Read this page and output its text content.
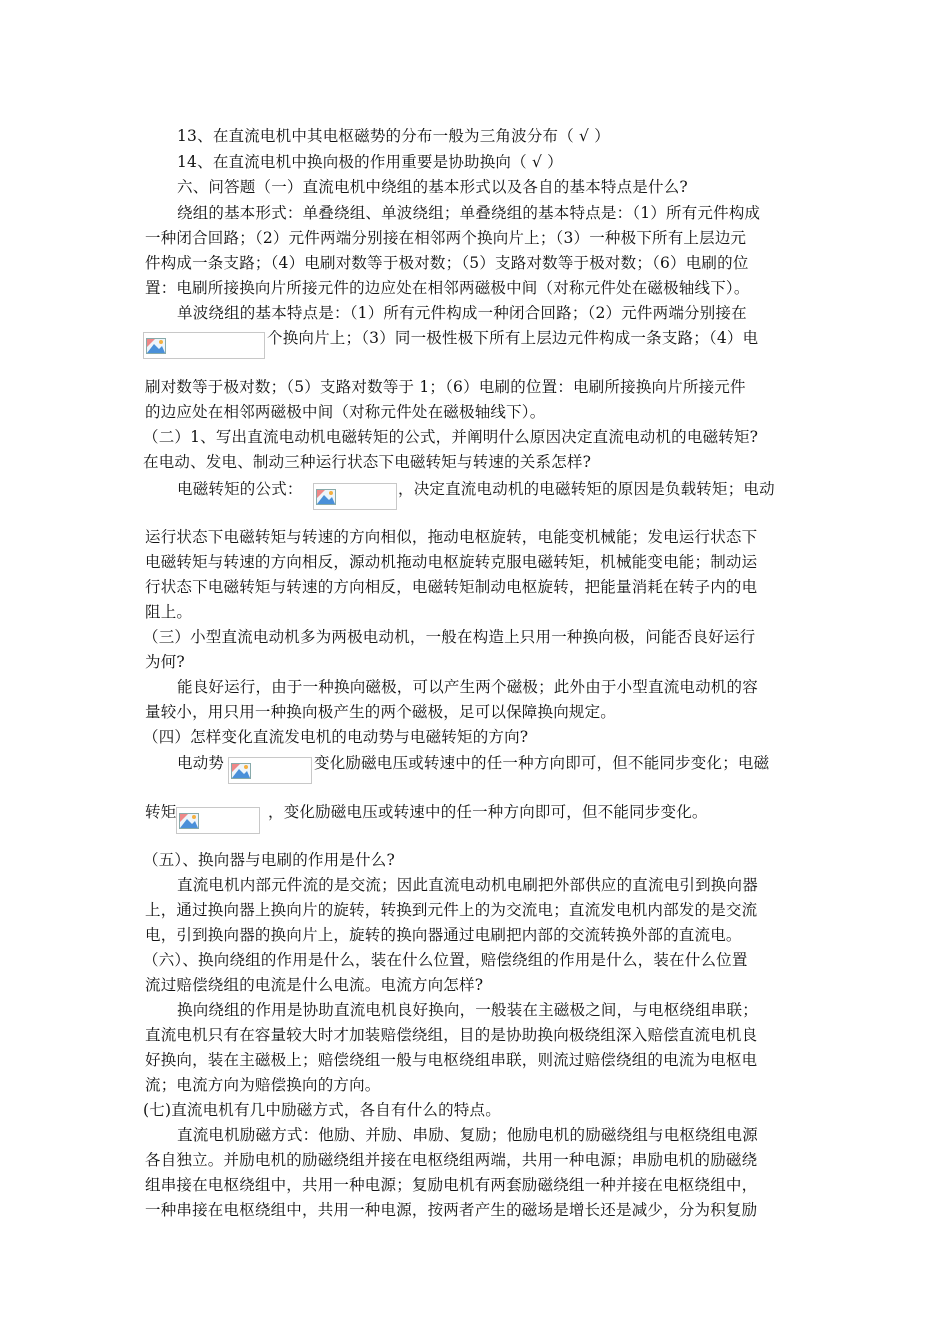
13、在直流电机中其电枢磁势的分布一般为三角波分布（ √ ）
14、在直流电机中换向极的作用重要是协助换向（ √ ）
六、问答题（一）直流电机中绕组的基本形式以及各自的基本特点是什么?
绕组的基本形式：单叠绕组、单波绕组；单叠绕组的基本特点是：（1）所有元件构成
一种闭合回路；（2）元件两端分别接在相邻两个换向片上；（3）一种极下所有上层边元
件构成一条支路；（4）电刷对数等于极对数；（5）支路对数等于极对数；（6）电刷的位
置：电刷所接换向片所接元件的边应处在相邻两磁极中间（对称元件处在磁极轴线下）。
单波绕组的基本特点是：（1）所有元件构成一种闭合回路；（2）元件两端分别接在
个换向片上；（3）同一极性极下所有上层边元件构成一条支路；（4）电
刷对数等于极对数；（5）支路对数等于 1；（6）电刷的位置：电刷所接换向片所接元件
的边应处在相邻两磁极中间（对称元件处在磁极轴线下）。
（二）1、写出直流电动机电磁转矩的公式，并阐明什么原因决定直流电动机的电磁转矩?
在电动、发电、制动三种运行状态下电磁转矩与转速的关系怎样?
电磁转矩的公式：	，决定直流电动机的电磁转矩的原因是负载转矩；电动
运行状态下电磁转矩与转速的方向相似，拖动电枢旋转，电能变机械能；发电运行状态下
电磁转矩与转速的方向相反，源动机拖动电枢旋转克服电磁转矩，机械能变电能；制动运
行状态下电磁转矩与转速的方向相反，电磁转矩制动电枢旋转，把能量消耗在转子内的电
阻上。
（三）小型直流电动机多为两极电动机，一般在构造上只用一种换向极，问能否良好运行
为何?
能良好运行，由于一种换向磁极，可以产生两个磁极；此外由于小型直流电动机的容
量较小，用只用一种换向极产生的两个磁极，足可以保障换向规定。
（四）怎样变化直流发电机的电动势与电磁转矩的方向?
电动势	变化励磁电压或转速中的任一种方向即可，但不能同步变化；电磁
转矩	，变化励磁电压或转速中的任一种方向即可，但不能同步变化。
（五）、换向器与电刷的作用是什么?
直流电机内部元件流的是交流；因此直流电动机电刷把外部供应的直流电引到换向器
上，通过换向器上换向片的旋转，转换到元件上的为交流电；直流发电机内部发的是交流
电，引到换向器的换向片上，旋转的换向器通过电刷把内部的交流转换外部的直流电。
（六）、换向绕组的作用是什么，装在什么位置，赔偿绕组的作用是什么，装在什么位置
流过赔偿绕组的电流是什么电流。电流方向怎样?
换向绕组的作用是协助直流电机良好换向，一般装在主磁极之间，与电枢绕组串联；
直流电机只有在容量较大时才加装赔偿绕组，目的是协助换向极绕组深入赔偿直流电机良
好换向，装在主磁极上；赔偿绕组一般与电枢绕组串联，则流过赔偿绕组的电流为电枢电
流；电流方向为赔偿换向的方向。
(七)直流电机有几中励磁方式，各自有什么的特点。
直流电机励磁方式：他励、并励、串励、复励；他励电机的励磁绕组与电枢绕组电源
各自独立。并励电机的励磁绕组并接在电枢绕组两端，共用一种电源；串励电机的励磁绕
组串接在电枢绕组中，共用一种电源；复励电机有两套励磁绕组一种并接在电枢绕组中，
一种串接在电枢绕组中，共用一种电源，按两者产生的磁场是增长还是减少，分为积复励
